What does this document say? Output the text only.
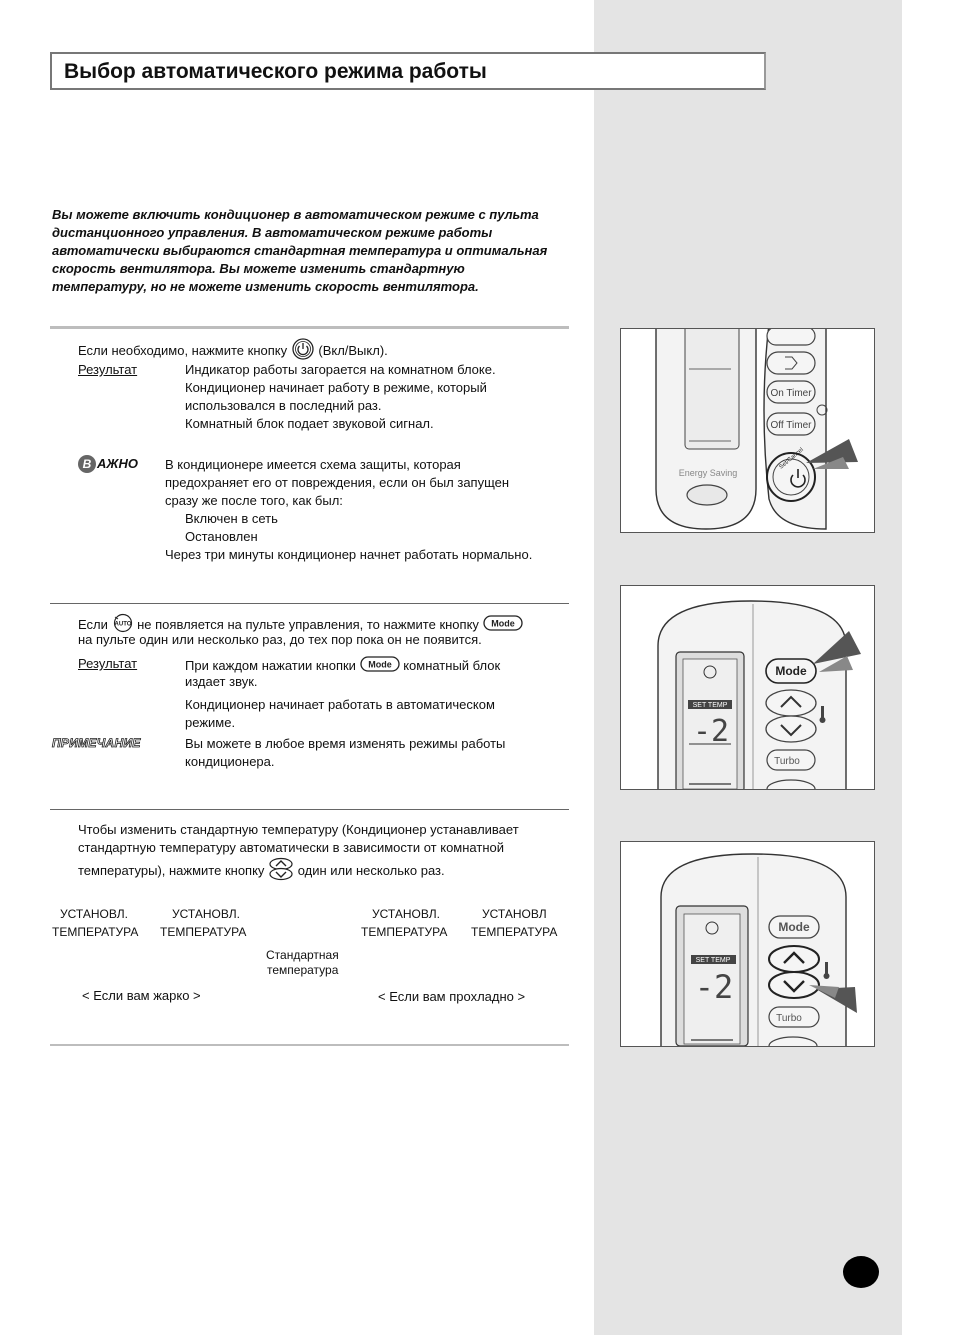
Выбор автоматического режима работы
Вы можете включить кондиционер в автоматическом режиме с пульта дистанционного управления. В автоматическом режиме работы автоматически выбираются стандартная температура и оптимальная скорость вентилятора. Вы можете изменить стандартную температуру, но не можете изменить скорость вентилятора.
Если необходимо, нажмите кнопку (Вкл/Выкл).
Результат	Индикатор работы загорается на комнатном блоке.
Кондиционер начинает работу в режиме, который
использовался в последний раз.
Комнатный блок подает звуковой сигнал.
В АЖНО В кондиционере имеется схема защиты, которая
предохраняет его от повреждения, если он был запущен
сразу же после того, как был:
Включен в сеть
Остановлен
Через три минуты кондиционер начнет работать нормально.
Если AUTO не появляется на пульте управления, то нажмите кнопку Mode
на пульте один или несколько раз, до тех пор пока он не появится.
Результат	При каждом нажатии кнопки Mode комнатный блок
издает звук.
Кондиционер начинает работать в автоматическом
режиме.
ПРИМЕЧАНИЕ	Вы можете в любое время изменять режимы работы
кондиционера.
Чтобы изменить стандартную температуру (Кондиционер устанавливает
стандартную температуру автоматически в зависимости от комнатной
температуры), нажмите кнопку	один или несколько раз.
УСТАНОВЛ.
ТЕМПЕРАТУРА
УСТАНОВЛ.
ТЕМПЕРАТУРА
УСТАНОВЛ.
ТЕМПЕРАТУРА
УСТАНОВЛ
ТЕМПЕРАТУРА
Стандартная
температура
< Если вам жарко >	< Если вам прохладно >
Energy Saving
On Timer
Off Timer
Set/Cancel
SET TEMP
-2
Mode
Turbo
SET TEMP
-2
Mode
Turbo
